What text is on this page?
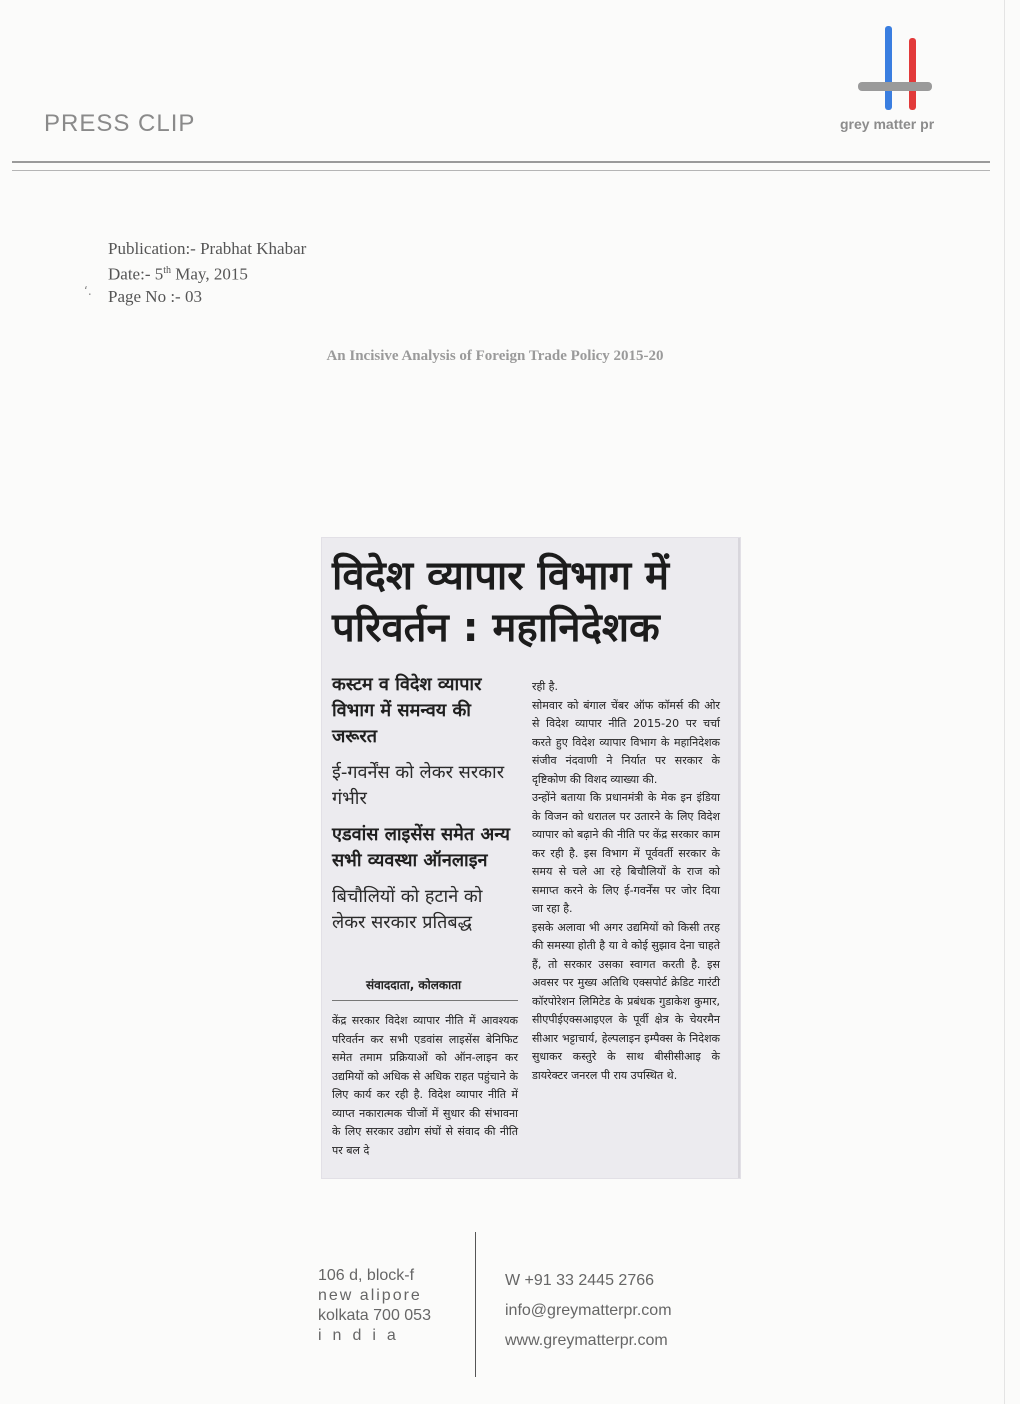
PRESS CLIP	grey matter pr
Publication:- Prabhat Khabar
Date:- 5th May, 2015
Page No :- 03
ʻ.
An Incisive Analysis of Foreign Trade Policy 2015-20
विदेश व्यापार विभाग में
परिवर्तन : महानिदेशक
कस्टम व विदेश व्यापार विभाग में समन्वय की जरूरत
ई-गवर्नेंस को लेकर सरकार गंभीर
एडवांस लाइसेंस समेत अन्य सभी व्यवस्था ऑनलाइन
बिचौलियों को हटाने को लेकर सरकार प्रतिबद्ध
संवाददाता, कोलकाता
केंद्र सरकार विदेश व्यापार नीति में आवश्यक परिवर्तन कर सभी एडवांस लाइसेंस बेनिफिट समेत तमाम प्रक्रियाओं को ऑन-लाइन कर उद्यमियों को अधिक से अधिक राहत पहुंचाने के लिए कार्य कर रही है. विदेश व्यापार नीति में व्याप्त नकारात्मक चीजों में सुधार की संभावना के लिए सरकार उद्योग संघों से संवाद की नीति पर बल दे

रही है.

सोमवार को बंगाल चेंबर ऑफ कॉमर्स की ओर से विदेश व्यापार नीति 2015-20 पर चर्चा करते हुए विदेश व्यापार विभाग के महानिदेशक संजीव नंदवाणी ने निर्यात पर सरकार के दृष्टिकोण की विशद व्याख्या की.

उन्होंने बताया कि प्रधानमंत्री के मेक इन इंडिया के विजन को धरातल पर उतारने के लिए विदेश व्यापार को बढ़ाने की नीति पर केंद्र सरकार काम कर रही है. इस विभाग में पूर्ववर्ती सरकार के समय से चले आ रहे बिचौलियों के राज को समाप्त करने के लिए ई-गवर्नेंस पर जोर दिया जा रहा है.

इसके अलावा भी अगर उद्यमियों को किसी तरह की समस्या होती है या वे कोई सुझाव देना चाहते हैं, तो सरकार उसका स्वागत करती है. इस अवसर पर मुख्य अतिथि एक्सपोर्ट क्रेडिट गारंटी कॉरपोरेशन लिमिटेड के प्रबंधक गुडाकेश कुमार, सीएपीईएक्सआइएल के पूर्वी क्षेत्र के चेयरमैन सीआर भट्टाचार्य, हेल्पलाइन इम्पैक्स के निदेशक सुधाकर कस्तुरे के साथ बीसीसीआइ के डायरेक्टर जनरल पी राय उपस्थित थे.

106 d, block-f
new alipore
kolkata 700 053
india
W +91 33 2445 2766
info@greymatterpr.com
www.greymatterpr.com
